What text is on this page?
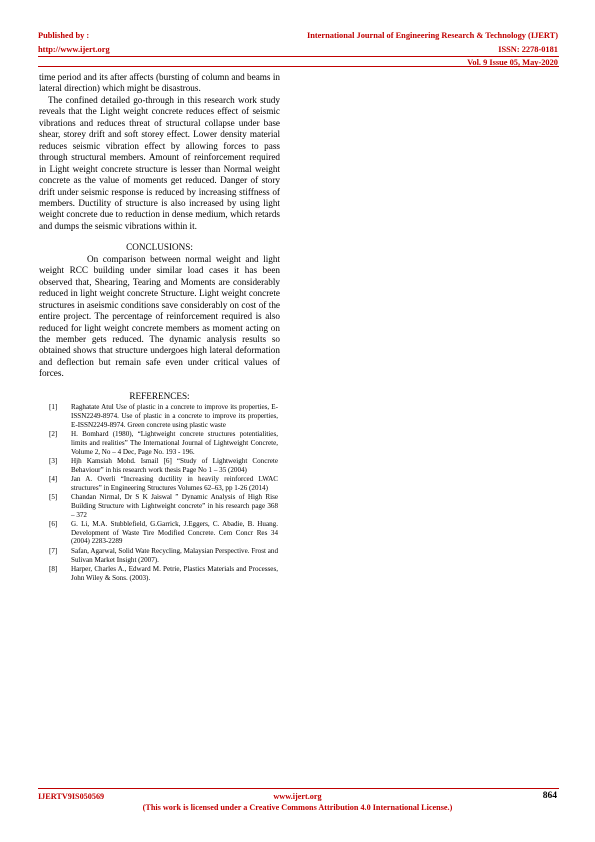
Published by :
http://www.ijert.org
International Journal of Engineering Research & Technology (IJERT)
ISSN: 2278-0181
Vol. 9 Issue 05, May-2020

time period and its after affects (bursting of column and beams in lateral direction) which might be disastrous.

The confined detailed go-through in this research work study reveals that the Light weight concrete reduces effect of seismic vibrations and reduces threat of structural collapse under base shear, storey drift and soft storey effect. Lower density material reduces seismic vibration effect by allowing forces to pass through structural members. Amount of reinforcement required in Light weight concrete structure is lesser than Normal weight concrete as the value of moments get reduced. Danger of story drift under seismic response is reduced by increasing stiffness of members. Ductility of structure is also increased by using light weight concrete due to reduction in dense medium, which retards and dumps the seismic vibrations within it.

CONCLUSIONS:

On comparison between normal weight and light weight RCC building under similar load cases it has been observed that, Shearing, Tearing and Moments are considerably reduced in light weight concrete Structure. Light weight concrete structures in aseismic conditions save considerably on cost of the entire project. The percentage of reinforcement required is also reduced for light weight concrete members as moment acting on the member gets reduced. The dynamic analysis results so obtained shows that structure undergoes high lateral deformation and deflection but remain safe even under critical values of forces.

REFERENCES:
[1]	Raghatate Atul Use of plastic in a concrete to improve its properties, E-ISSN2249-8974. Use of plastic in a concrete to improve its properties, E-ISSN2249-8974. Green concrete using plastic waste
[2]	H. Bomhard (1980), “Lightweight concrete structures potentialities, limits and realities” The International Journal of Lightweight Concrete, Volume 2, No – 4 Dec, Page No. 193 - 196.
[3]	Hjh Kamsiah Mohd. Ismail [6] “Study of Lightweight Concrete Behaviour” in his research work thesis Page No 1 – 35 (2004)
[4]	Jan A. Overli “Increasing ductility in heavily reinforced LWAC structures” in Engineering Structures Volumes 62–63, pp 1-26 (2014)
[5]	Chandan Nirmal, Dr S K Jaiswal ” Dynamic Analysis of High Rise Building Structure with Lightweight concrete” in his research page 368 – 372
[6]	G. Li, M.A. Stubblefield, G.Garrick, J.Eggers, C. Abadie, B. Huang. Development of Waste Tire Modified Concrete. Cem Concr Res 34 (2004) 2283-2289
[7]	Safan, Agarwal, Solid Wate Recycling, Malaysian Perspective. Frost and Sulivan Market Insight (2007).
[8]	Harper, Charles A., Edward M. Petrie, Plastics Materials and Processes, John Wiley & Sons. (2003).
IJERTV9IS050569	www.ijert.org
(This work is licensed under a Creative Commons Attribution 4.0 International License.)
864
